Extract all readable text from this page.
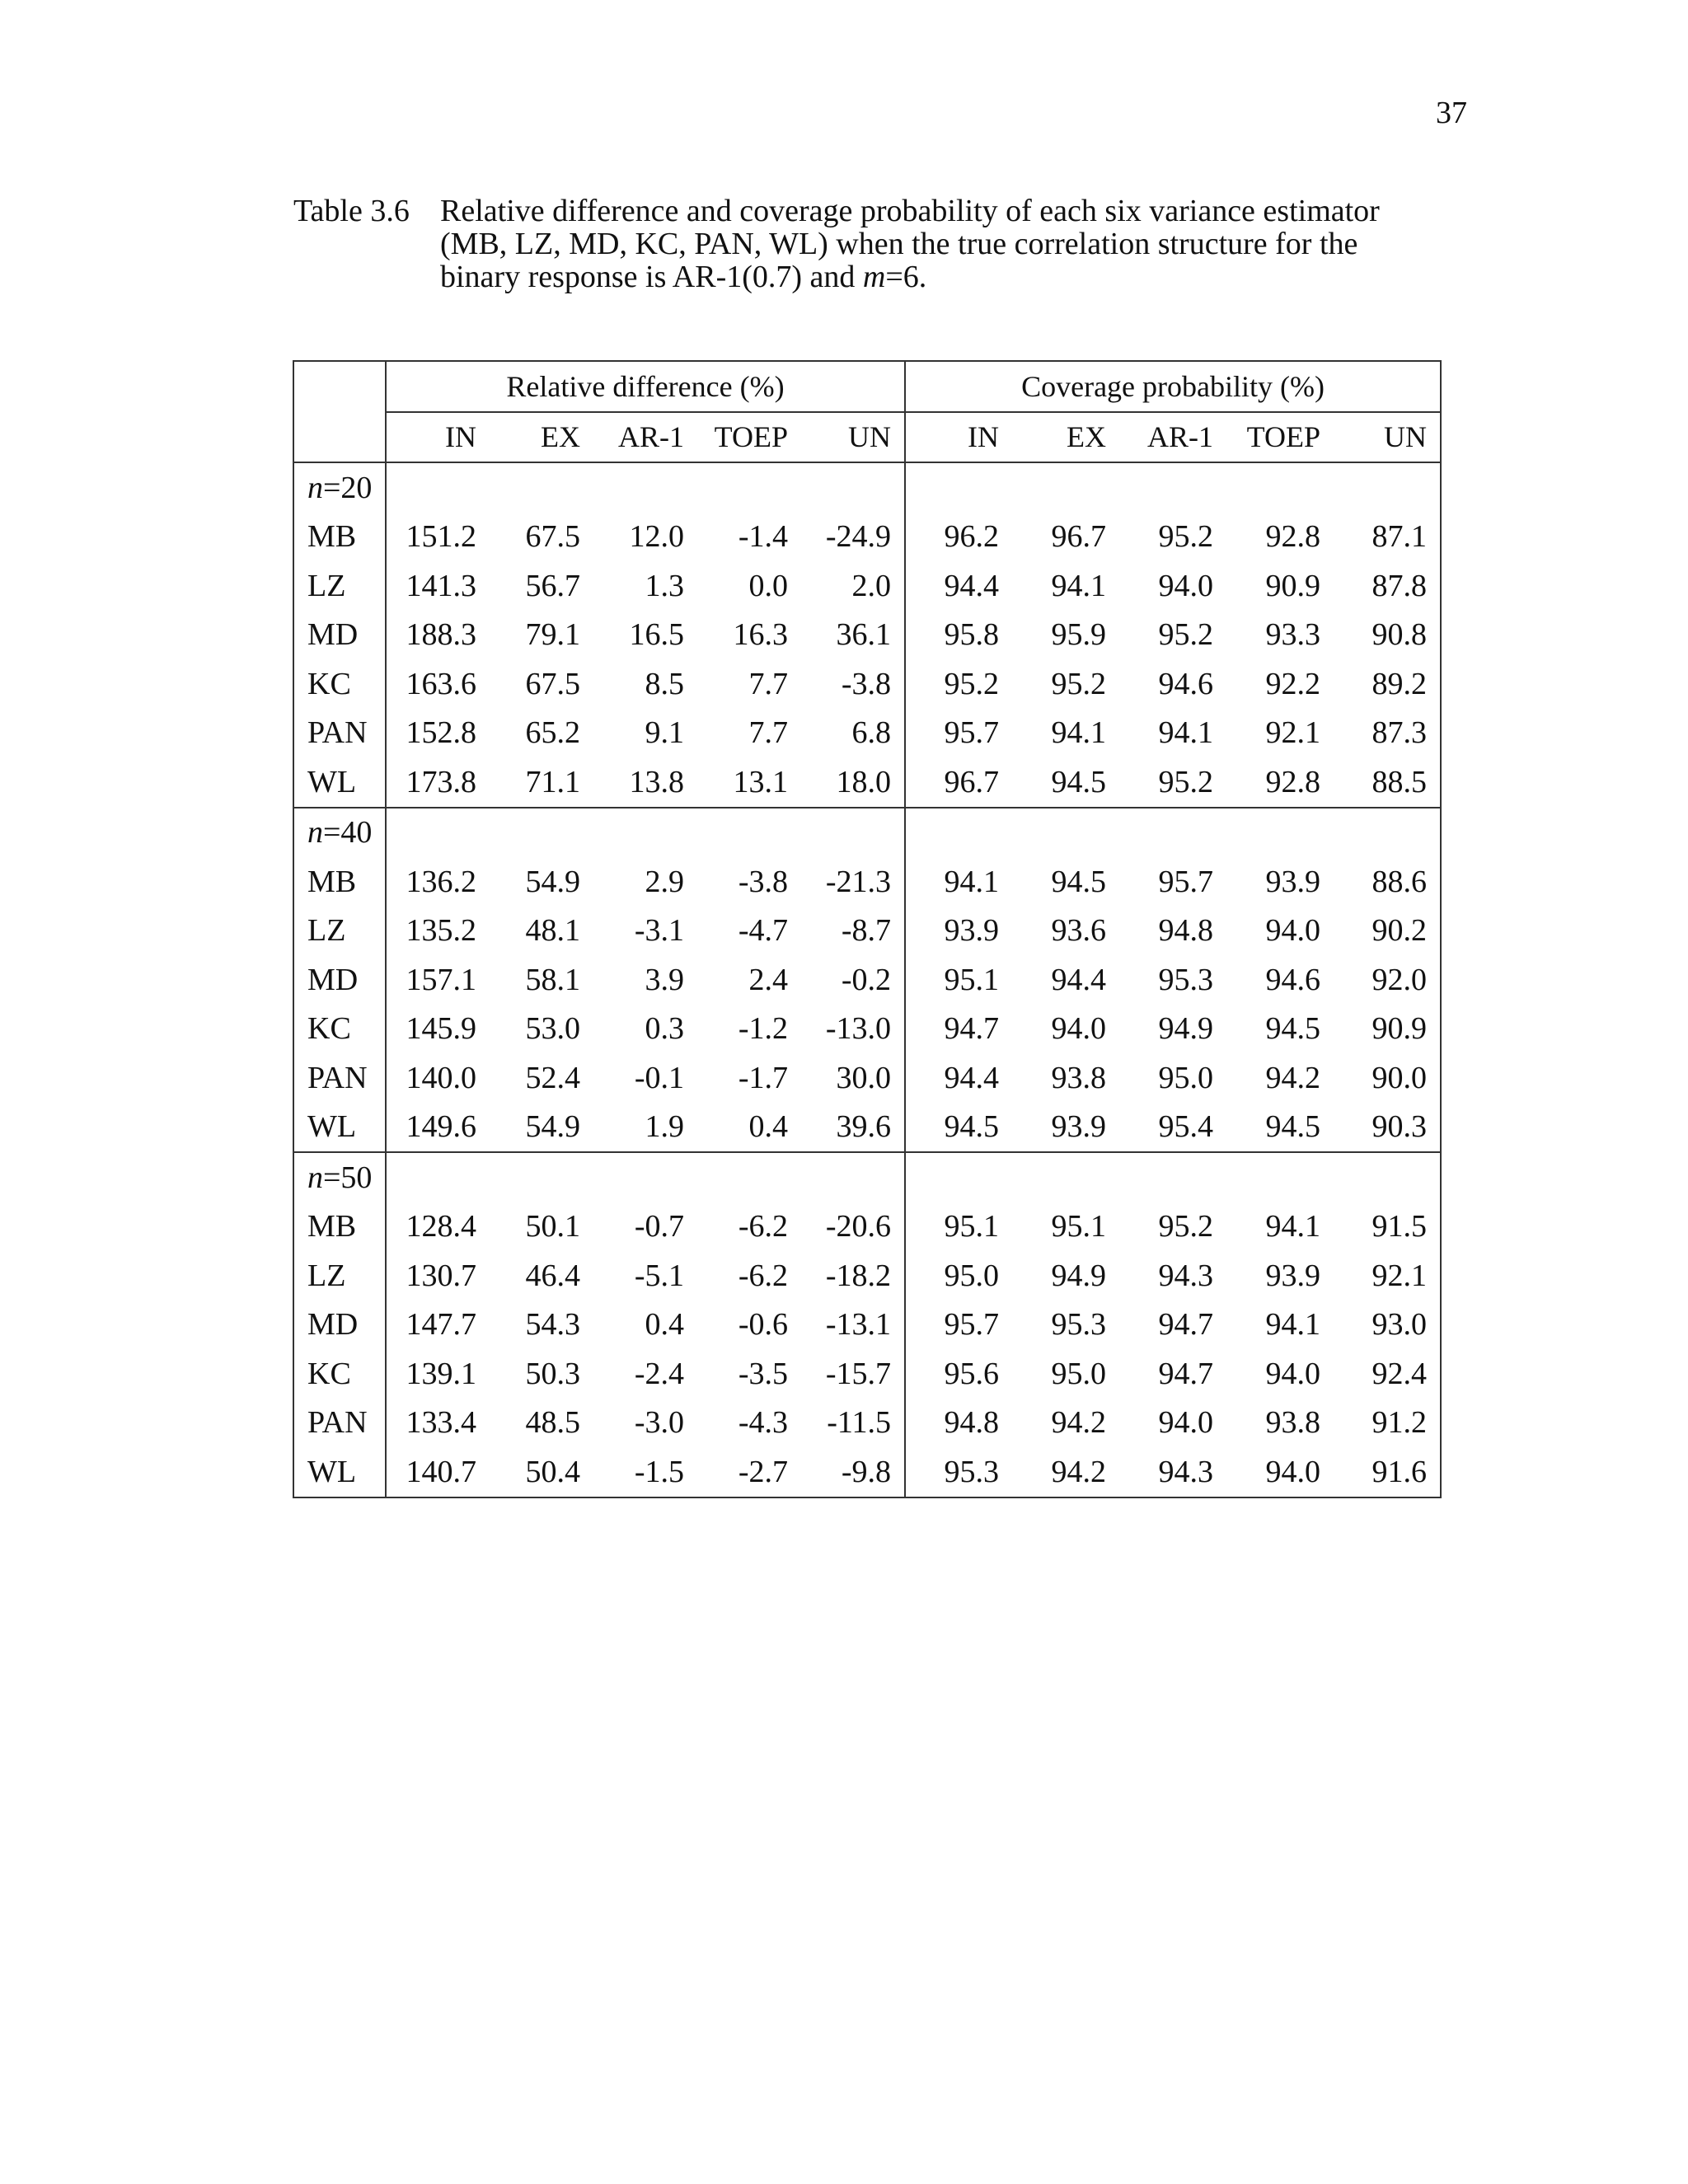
37
Table 3.6 Relative difference and coverage probability of each six variance estimator (MB, LZ, MD, KC, PAN, WL) when the true correlation structure for the binary response is AR-1(0.7) and m=6.
	Relative difference (%)					Coverage probability (%)				
	IN	EX	AR-1	TOEP	UN	IN	EX	AR-1	TOEP	UN
n=20										
MB	151.2	67.5	12.0	-1.4	-24.9	96.2	96.7	95.2	92.8	87.1
LZ	141.3	56.7	1.3	0.0	2.0	94.4	94.1	94.0	90.9	87.8
MD	188.3	79.1	16.5	16.3	36.1	95.8	95.9	95.2	93.3	90.8
KC	163.6	67.5	8.5	7.7	-3.8	95.2	95.2	94.6	92.2	89.2
PAN	152.8	65.2	9.1	7.7	6.8	95.7	94.1	94.1	92.1	87.3
WL	173.8	71.1	13.8	13.1	18.0	96.7	94.5	95.2	92.8	88.5
n=40										
MB	136.2	54.9	2.9	-3.8	-21.3	94.1	94.5	95.7	93.9	88.6
LZ	135.2	48.1	-3.1	-4.7	-8.7	93.9	93.6	94.8	94.0	90.2
MD	157.1	58.1	3.9	2.4	-0.2	95.1	94.4	95.3	94.6	92.0
KC	145.9	53.0	0.3	-1.2	-13.0	94.7	94.0	94.9	94.5	90.9
PAN	140.0	52.4	-0.1	-1.7	30.0	94.4	93.8	95.0	94.2	90.0
WL	149.6	54.9	1.9	0.4	39.6	94.5	93.9	95.4	94.5	90.3
n=50										
MB	128.4	50.1	-0.7	-6.2	-20.6	95.1	95.1	95.2	94.1	91.5
LZ	130.7	46.4	-5.1	-6.2	-18.2	95.0	94.9	94.3	93.9	92.1
MD	147.7	54.3	0.4	-0.6	-13.1	95.7	95.3	94.7	94.1	93.0
KC	139.1	50.3	-2.4	-3.5	-15.7	95.6	95.0	94.7	94.0	92.4
PAN	133.4	48.5	-3.0	-4.3	-11.5	94.8	94.2	94.0	93.8	91.2
WL	140.7	50.4	-1.5	-2.7	-9.8	95.3	94.2	94.3	94.0	91.6
